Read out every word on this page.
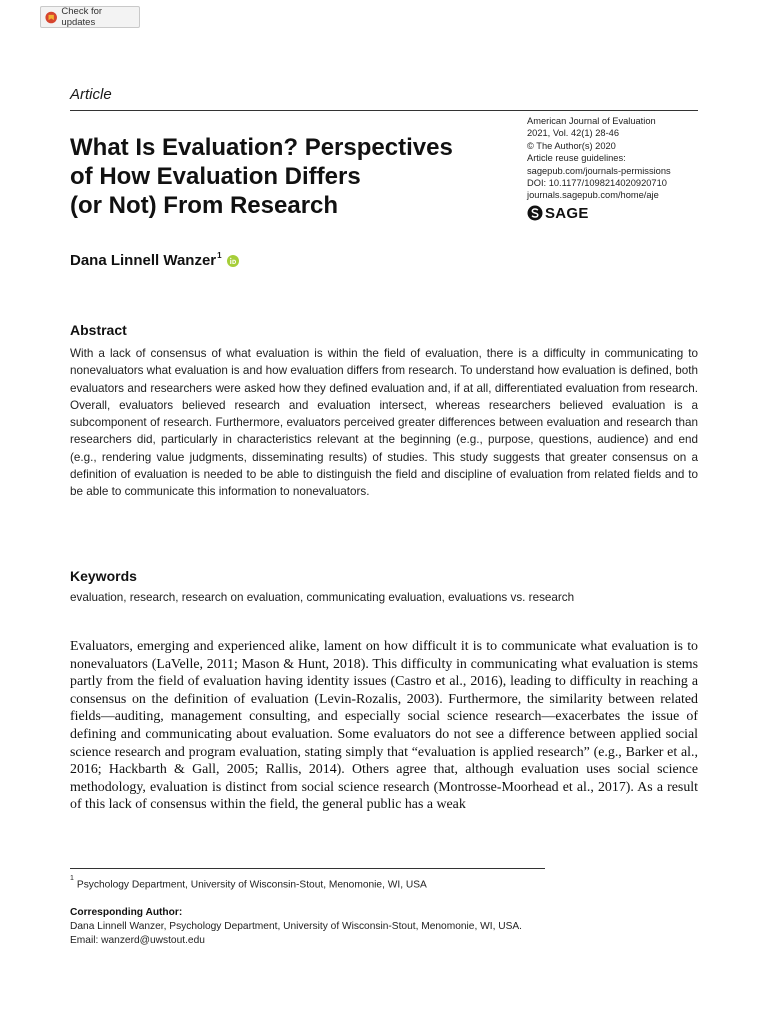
Check for updates
Article
What Is Evaluation? Perspectives
of How Evaluation Differs
(or Not) From Research
American Journal of Evaluation
2021, Vol. 42(1) 28-46
© The Author(s) 2020
Article reuse guidelines:
sagepub.com/journals-permissions
DOI: 10.1177/1098214020920710
journals.sagepub.com/home/aje
SAGE
Dana Linnell Wanzer$^1$
Abstract

With a lack of consensus of what evaluation is within the field of evaluation, there is a difficulty in communicating to nonevaluators what evaluation is and how evaluation differs from research. To understand how evaluation is defined, both evaluators and researchers were asked how they defined evaluation and, if at all, differentiated evaluation from research. Overall, evaluators believed research and evaluation intersect, whereas researchers believed evaluation is a subcomponent of research. Furthermore, evaluators perceived greater differences between evaluation and research than researchers did, particularly in characteristics relevant at the beginning (e.g., purpose, questions, audience) and end (e.g., rendering value judgments, disseminating results) of studies. This study suggests that greater consensus on a definition of evaluation is needed to be able to distinguish the field and discipline of evaluation from related fields and to be able to communicate this information to nonevaluators.

Keywords
evaluation, research, research on evaluation, communicating evaluation, evaluations vs. research

Evaluators, emerging and experienced alike, lament on how difficult it is to communicate what evaluation is to nonevaluators (LaVelle, 2011; Mason & Hunt, 2018). This difficulty in communicating what evaluation is stems partly from the field of evaluation having identity issues (Castro et al., 2016), leading to difficulty in reaching a consensus on the definition of evaluation (Levin-Rozalis, 2003). Furthermore, the similarity between related fields—auditing, management consulting, and especially social science research—exacerbates the issue of defining and communicating about evaluation. Some evaluators do not see a difference between applied social science research and program evaluation, stating simply that “evaluation is applied research” (e.g., Barker et al., 2016; Hackbarth & Gall, 2005; Rallis, 2014). Others agree that, although evaluation uses social science methodology, evaluation is distinct from social science research (Montrosse-Moorhead et al., 2017). As a result of this lack of consensus within the field, the general public has a weak

$^1$Psychology Department, University of Wisconsin-Stout, Menomonie, WI, USA
Corresponding Author:
Dana Linnell Wanzer, Psychology Department, University of Wisconsin-Stout, Menomonie, WI, USA.
Email: wanzerd@uwstout.edu
